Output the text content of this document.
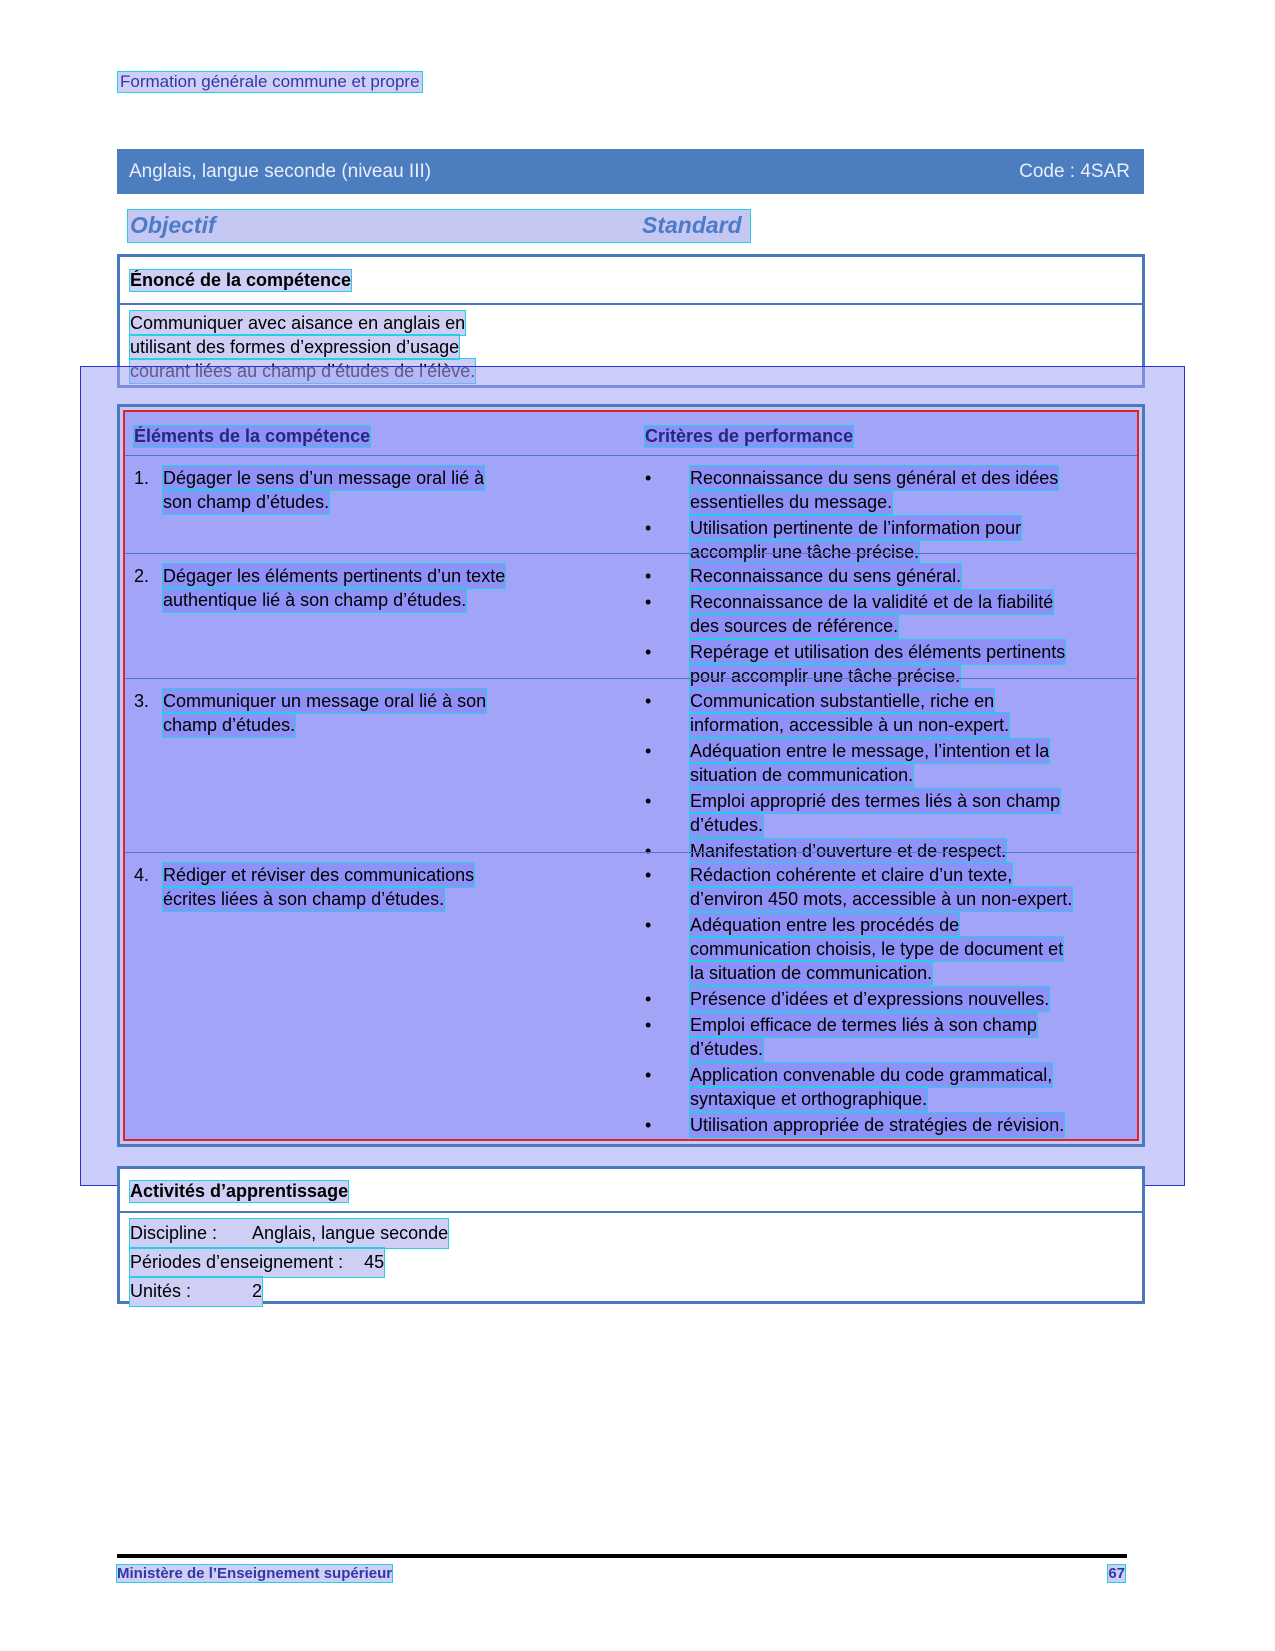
Formation générale commune et propre
Anglais, langue seconde (niveau III)	Code : 4SAR
Objectif	Standard
Énoncé de la compétence
Communiquer avec aisance en anglais en
utilisant des formes d’expression d’usage
Éléments de la compétence	Critères de performance
1. Dégager le sens d’un message oral lié à
son champ d’études.
• Reconnaissance du sens général et des idées
essentielles du message.
• Utilisation pertinente de l’information pour
accomplir une tâche précise.
2. Dégager les éléments pertinents d’un texte
authentique lié à son champ d’études.
• Reconnaissance du sens général.
• Reconnaissance de la validité et de la fiabilité
des sources de référence.
• Repérage et utilisation des éléments pertinents
pour accomplir une tâche précise.
3. Communiquer un message oral lié à son
champ d’études.
• Communication substantielle, riche en
information, accessible à un non-expert.
• Adéquation entre le message, l’intention et la
situation de communication.
• Emploi approprié des termes liés à son champ
d’études.
• Manifestation d’ouverture et de respect.
4. Rédiger et réviser des communications
écrites liées à son champ d’études.
• Rédaction cohérente et claire d’un texte,
d’environ 450 mots, accessible à un non-expert.
• Adéquation entre les procédés de
communication choisis, le type de document et
la situation de communication.
• Présence d’idées et d’expressions nouvelles.
• Emploi efficace de termes liés à son champ
d’études.
• Application convenable du code grammatical,
syntaxique et orthographique.
• Utilisation appropriée de stratégies de révision.
Activités d’apprentissage
Discipline : Anglais, langue seconde
Périodes d’enseignement : 45
Unités :	2
Ministère de l’Enseignement supérieur	67
